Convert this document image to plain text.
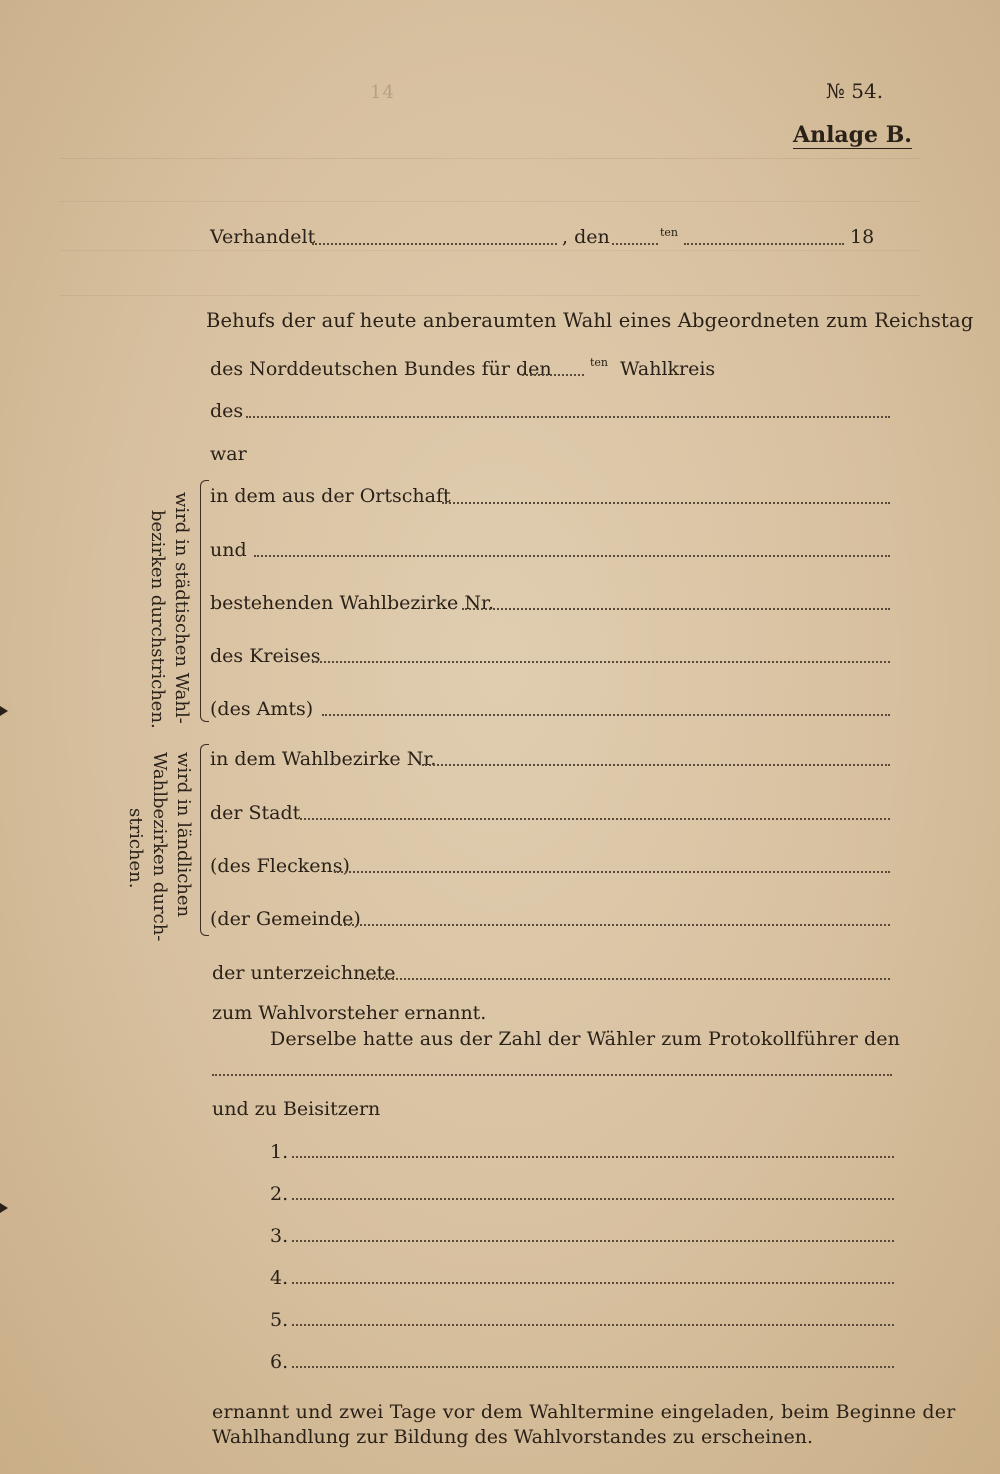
14	№ 54.
Anlage B.
Verhandelt	, den	ten	18
Behufs der auf heute anberaumten Wahl eines Abgeordneten zum Reichstag
des Norddeutschen Bundes für den	ten Wahlkreis
des
war
wird in städtischen Wahl-
bezirken durchstrichen.
in dem aus der Ortschaft
und
bestehenden Wahlbezirke Nr.
des Kreises
(des Amts)
wird in ländlichen
Wahlbezirken durch-
strichen.
in dem Wahlbezirke Nr.
der Stadt
(des Fleckens)
(der Gemeinde)
der unterzeichnete
zum Wahlvorsteher ernannt.
Derselbe hatte aus der Zahl der Wähler zum Protokollführer den
und zu Beisitzern
1.
2.
3.
4.
5.
6.
ernannt und zwei Tage vor dem Wahltermine eingeladen, beim Beginne der
Wahlhandlung zur Bildung des Wahlvorstandes zu erscheinen.
